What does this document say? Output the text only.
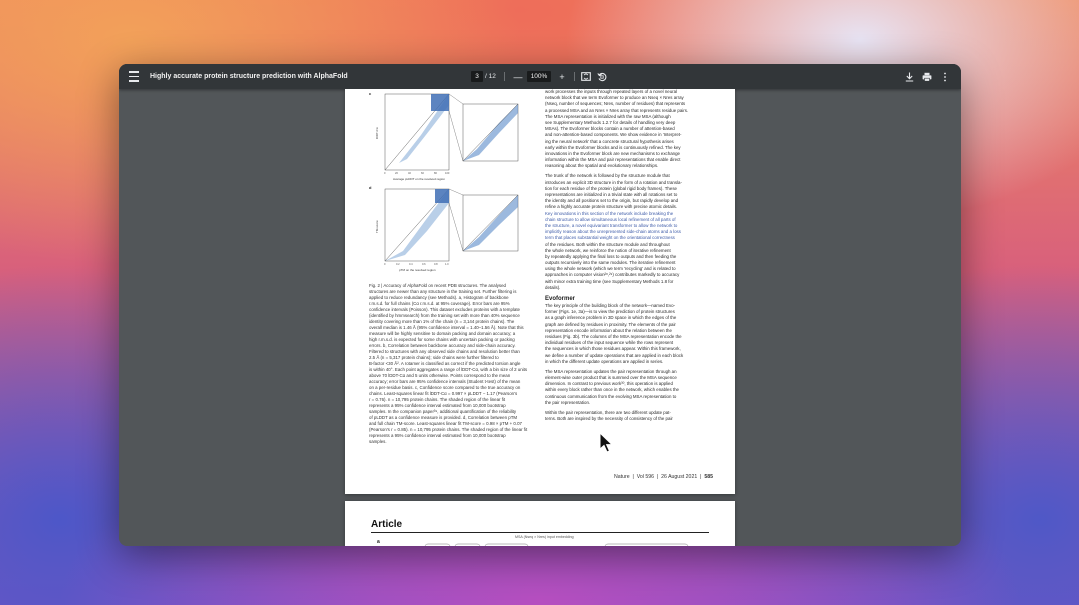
Highly accurate protein structure prediction with AlphaFold	3 / 12 —	100%	+
c
lDDT-Cα
Average pLDDT on the resolved region
0	20	40	60	80	100
d
TM-score
pTM on the resolved region
0	0.2	0.4	0.6	0.8	1.0
Fig. 2 | Accuracy of AlphaFold on recent PDB structures. The analysed
structures are newer than any structure in the training set. Further filtering is
applied to reduce redundancy (see Methods). a, Histogram of backbone
r.m.s.d. for full chains (Cα r.m.s.d. at 95% coverage). Error bars are 95%
confidence intervals (Poisson). This dataset excludes proteins with a template
(identified by hmmsearch) from the training set with more than 40% sequence
identity covering more than 1% of the chain (n = 3,144 protein chains). The
overall median is 1.46 Å (95% confidence interval = 1.40–1.56 Å). Note that this
measure will be highly sensitive to domain packing and domain accuracy; a
high r.m.s.d. is expected for some chains with uncertain packing or packing
errors. b, Correlation between backbone accuracy and side-chain accuracy.
Filtered to structures with any observed side chains and resolution better than
2.5 Å (n = 5,317 protein chains); side chains were further filtered to
B-factor <30 Å². A rotamer is classified as correct if the predicted torsion angle
is within 40°. Each point aggregates a range of lDDT-Cα, with a bin size of 2 units
above 70 lDDT-Cα and 5 units otherwise. Points correspond to the mean
accuracy; error bars are 95% confidence intervals (Student t-test) of the mean
on a per-residue basis. c, Confidence score compared to the true accuracy on
chains. Least-squares linear fit lDDT-Cα = 0.997 × pLDDT − 1.17 (Pearson's
r = 0.76). n = 10,795 protein chains. The shaded region of the linear fit
represents a 95% confidence interval estimated from 10,000 bootstrap
samples. In the companion paper³⁹, additional quantification of the reliability
of pLDDT as a confidence measure is provided. d, Correlation between pTM
and full chain TM-score. Least-squares linear fit TM-score = 0.98 × pTM + 0.07
(Pearson's r = 0.85). n = 10,795 protein chains. The shaded region of the linear fit
represents a 95% confidence interval estimated from 10,000 bootstrap
samples.
work processes the inputs through repeated layers of a novel neural
network block that we term Evoformer to produce an Nseq × Nres array
(Nseq, number of sequences; Nres, number of residues) that represents
a processed MSA and an Nres × Nres array that represents residue pairs.
The MSA representation is initialized with the raw MSA (although
see Supplementary Methods 1.2.7 for details of handling very deep
MSAs). The Evoformer blocks contain a number of attention-based
and non-attention-based components. We show evidence in 'Interpret-
ing the neural network' that a concrete structural hypothesis arises
early within the Evoformer blocks and is continuously refined. The key
innovations in the Evoformer block are new mechanisms to exchange
information within the MSA and pair representations that enable direct
reasoning about the spatial and evolutionary relationships.
The trunk of the network is followed by the structure module that
introduces an explicit 3D structure in the form of a rotation and transla-
tion for each residue of the protein (global rigid body frames). These
representations are initialized in a trivial state with all rotations set to
the identity and all positions set to the origin, but rapidly develop and
refine a highly accurate protein structure with precise atomic details.
Key innovations in this section of the network include breaking the
chain structure to allow simultaneous local refinement of all parts of
the structure, a novel equivariant transformer to allow the network to
implicitly reason about the unrepresented side-chain atoms and a loss
term that places substantial weight on the orientational correctness
of the residues. Both within the structure module and throughout
the whole network, we reinforce the notion of iterative refinement
by repeatedly applying the final loss to outputs and then feeding the
outputs recursively into the same modules. The iterative refinement
using the whole network (which we term 'recycling' and is related to
approaches in computer vision²⁸,²⁹) contributes markedly to accuracy
with minor extra training time (see Supplementary Methods 1.8 for
details).
Evoformer
The key principle of the building block of the network—named Evo-
former (Figs. 1e, 3a)—is to view the prediction of protein structures
as a graph inference problem in 3D space in which the edges of the
graph are defined by residues in proximity. The elements of the pair
representation encode information about the relation between the
residues (Fig. 3b). The columns of the MSA representation encode the
individual residues of the input sequence while the rows represent
the sequences in which those residues appear. Within this framework,
we define a number of update operations that are applied in each block
in which the different update operations are applied in series.
The MSA representation updates the pair representation through an
element-wise outer product that is summed over the MSA sequence
dimension. In contrast to previous work³⁰, this operation is applied
within every block rather than once in the network, which enables the
continuous communication from the evolving MSA representation to
the pair representation.
Within the pair representation, there are two different update pat-
terns. Both are inspired by the necessity of consistency of the pair
Nature  |  Vol 596  |  26 August 2021  |  585
Article
a
MSA (Nseq × Nres) input embedding
